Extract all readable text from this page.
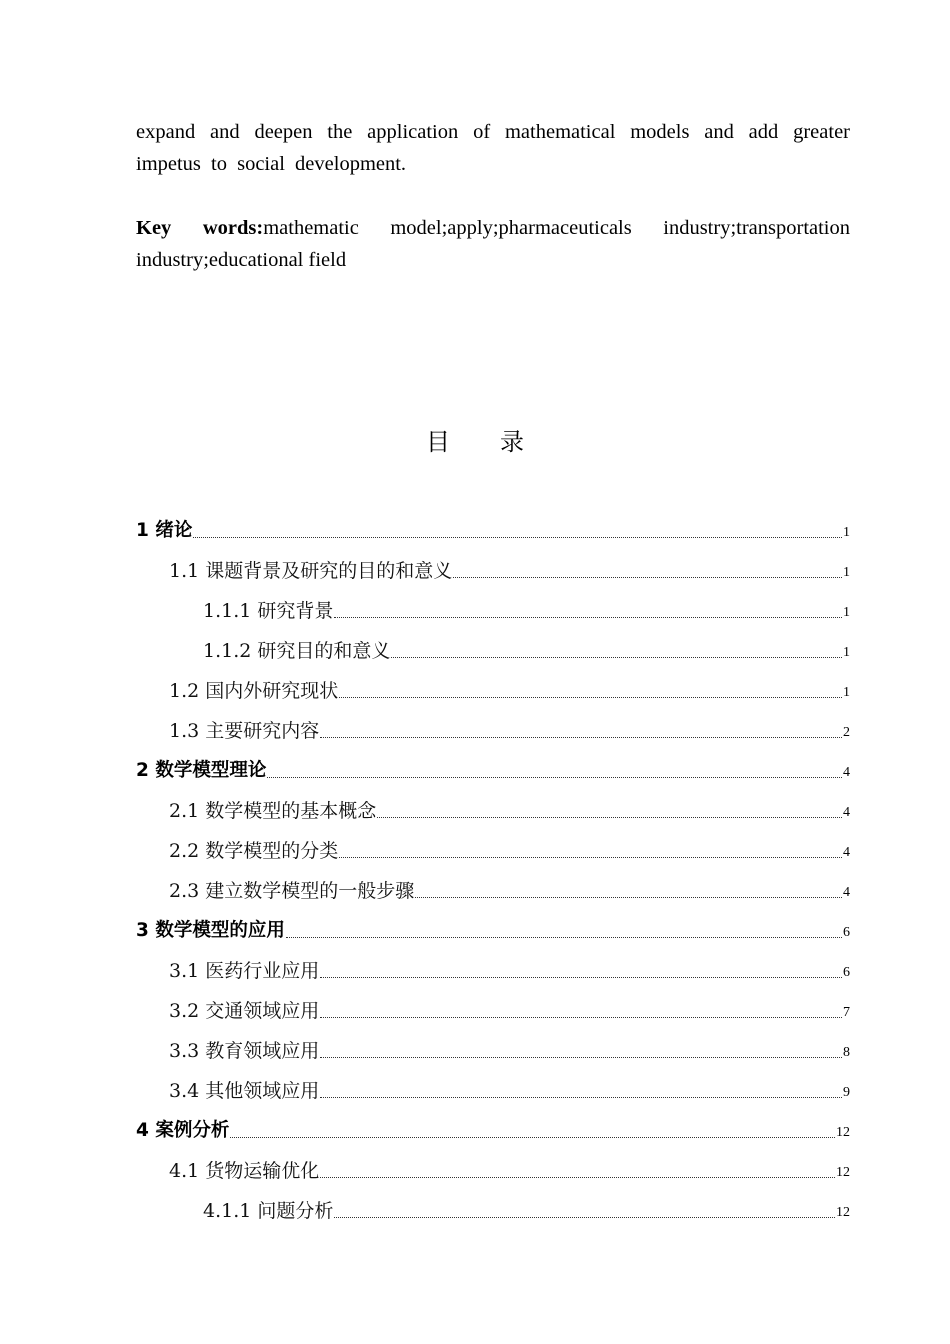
expand and deepen the application of mathematical models and add greater impetus to social development.

Key words:mathematic model;apply;pharmaceuticals industry;transportation industry;educational field
目 录
1 绪论	1
1.1 课题背景及研究的目的和意义	1
1.1.1 研究背景	1
1.1.2 研究目的和意义	1
1.2 国内外研究现状	1
1.3 主要研究内容	2
2 数学模型理论	4
2.1 数学模型的基本概念	4
2.2 数学模型的分类	4
2.3 建立数学模型的一般步骤	4
3 数学模型的应用	6
3.1 医药行业应用	6
3.2 交通领域应用	7
3.3 教育领域应用	8
3.4 其他领域应用	9
4 案例分析	12
4.1 货物运输优化	12
4.1.1 问题分析	12
